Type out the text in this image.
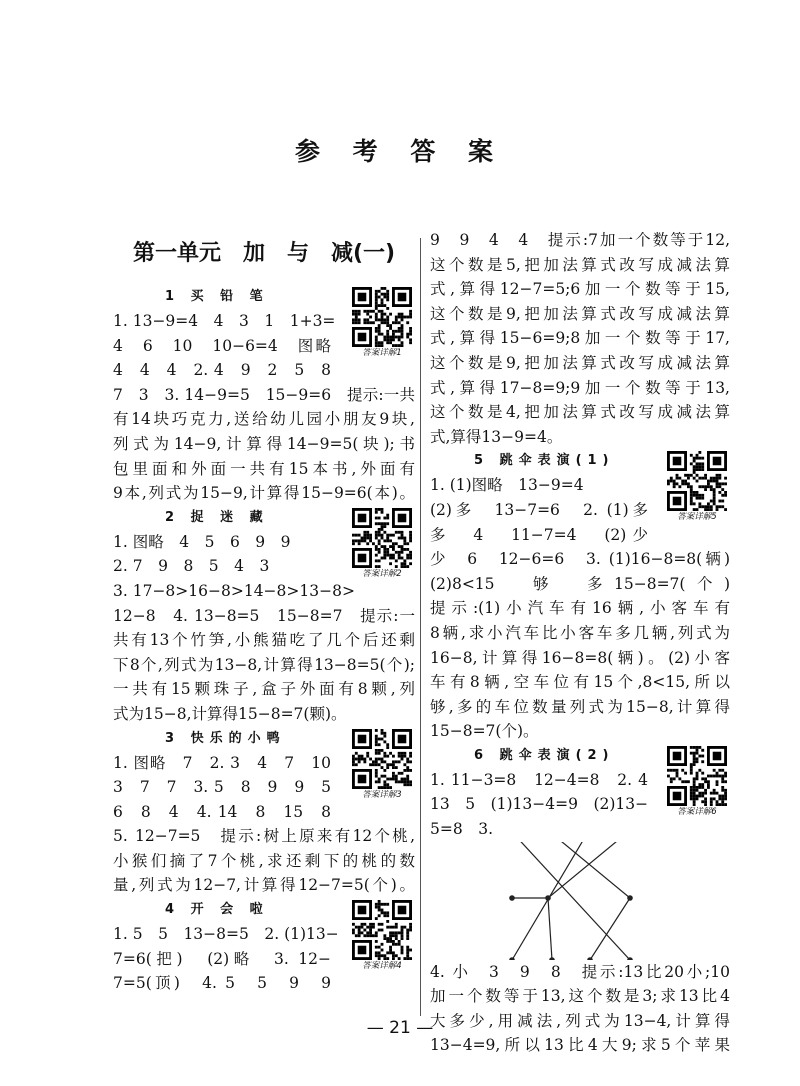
参 考 答 案
第一单元　加　与　减(一)
答案详解1
1 买 铅 笔
1. 13−9=4　4　3　1　1+3=
4　6　10　10−6=4　图略
4　4　4　2. 4　9　2　5　8
7　3　3. 14−9=5　15−9=6　提示:一共
有14块巧克力,送给幼儿园小朋友9块,
列式为14−9,计算得14−9=5(块);书
包里面和外面一共有15本书,外面有
9本,列式为15−9,计算得15−9=6(本)。
答案详解2
2 捉 迷 藏
1. 图略　4　5　6　9　9
2. 7　9　8　5　4　3
3. 17−8>16−8>14−8>13−8>
12−8　4. 13−8=5　15−8=7　提示:一
共有13个竹笋,小熊猫吃了几个后还剩
下8个,列式为13−8,计算得13−8=5(个);
一共有15颗珠子,盒子外面有8颗,列
式为15−8,计算得15−8=7(颗)。
答案详解3
3 快乐的小鸭
1. 图略　7　2. 3　4　7　10
3　7　7　3. 5　8　9　9　5
6　8　4　4. 14　8　15　8
5. 12−7=5　提示:树上原来有12个桃,
小猴们摘了7个桃,求还剩下的桃的数
量,列式为12−7,计算得12−7=5(个)。
答案详解4
4 开 会 啦
1. 5　5　13−8=5　2. (1)13−
7=6(把)　(2)略　3. 12−
7=5(顶)　4. 5　5　9　9
9　9　4　4　提示:7加一个数等于12,
这个数是5,把加法算式改写成减法算
式,算得12−7=5;6加一个数等于15,
这个数是9,把加法算式改写成减法算
式,算得15−6=9;8加一个数等于17,
这个数是9,把加法算式改写成减法算
式,算得17−8=9;9加一个数等于13,
这个数是4,把加法算式改写成减法算
式,算得13−9=4。
答案详解5
5 跳伞表演(1)
1. (1)图略　13−9=4
(2)多　13−7=6　2. (1)多
多　4　11−7=4　(2)少
少　6　12−6=6　3. (1)16−8=8(辆)
(2)8<15　够　多15−8=7(个)
提示:(1)小汽车有16辆,小客车有
8辆,求小汽车比小客车多几辆,列式为
16−8,计算得16−8=8(辆)。(2)小客
车有8辆,空车位有15个,8<15,所以
够,多的车位数量列式为15−8,计算得
15−8=7(个)。
答案详解6
6 跳伞表演(2)
1. 11−3=8　12−4=8　2. 4
13　5　(1)13−4=9　(2)13−
5=8　3.
4. 小　3　9　8　提示:13比20小;10
加一个数等于13,这个数是3;求13比4
大多少,用减法,列式为13−4,计算得
13−4=9,所以13比4大9;求5个苹果
— 21 —
